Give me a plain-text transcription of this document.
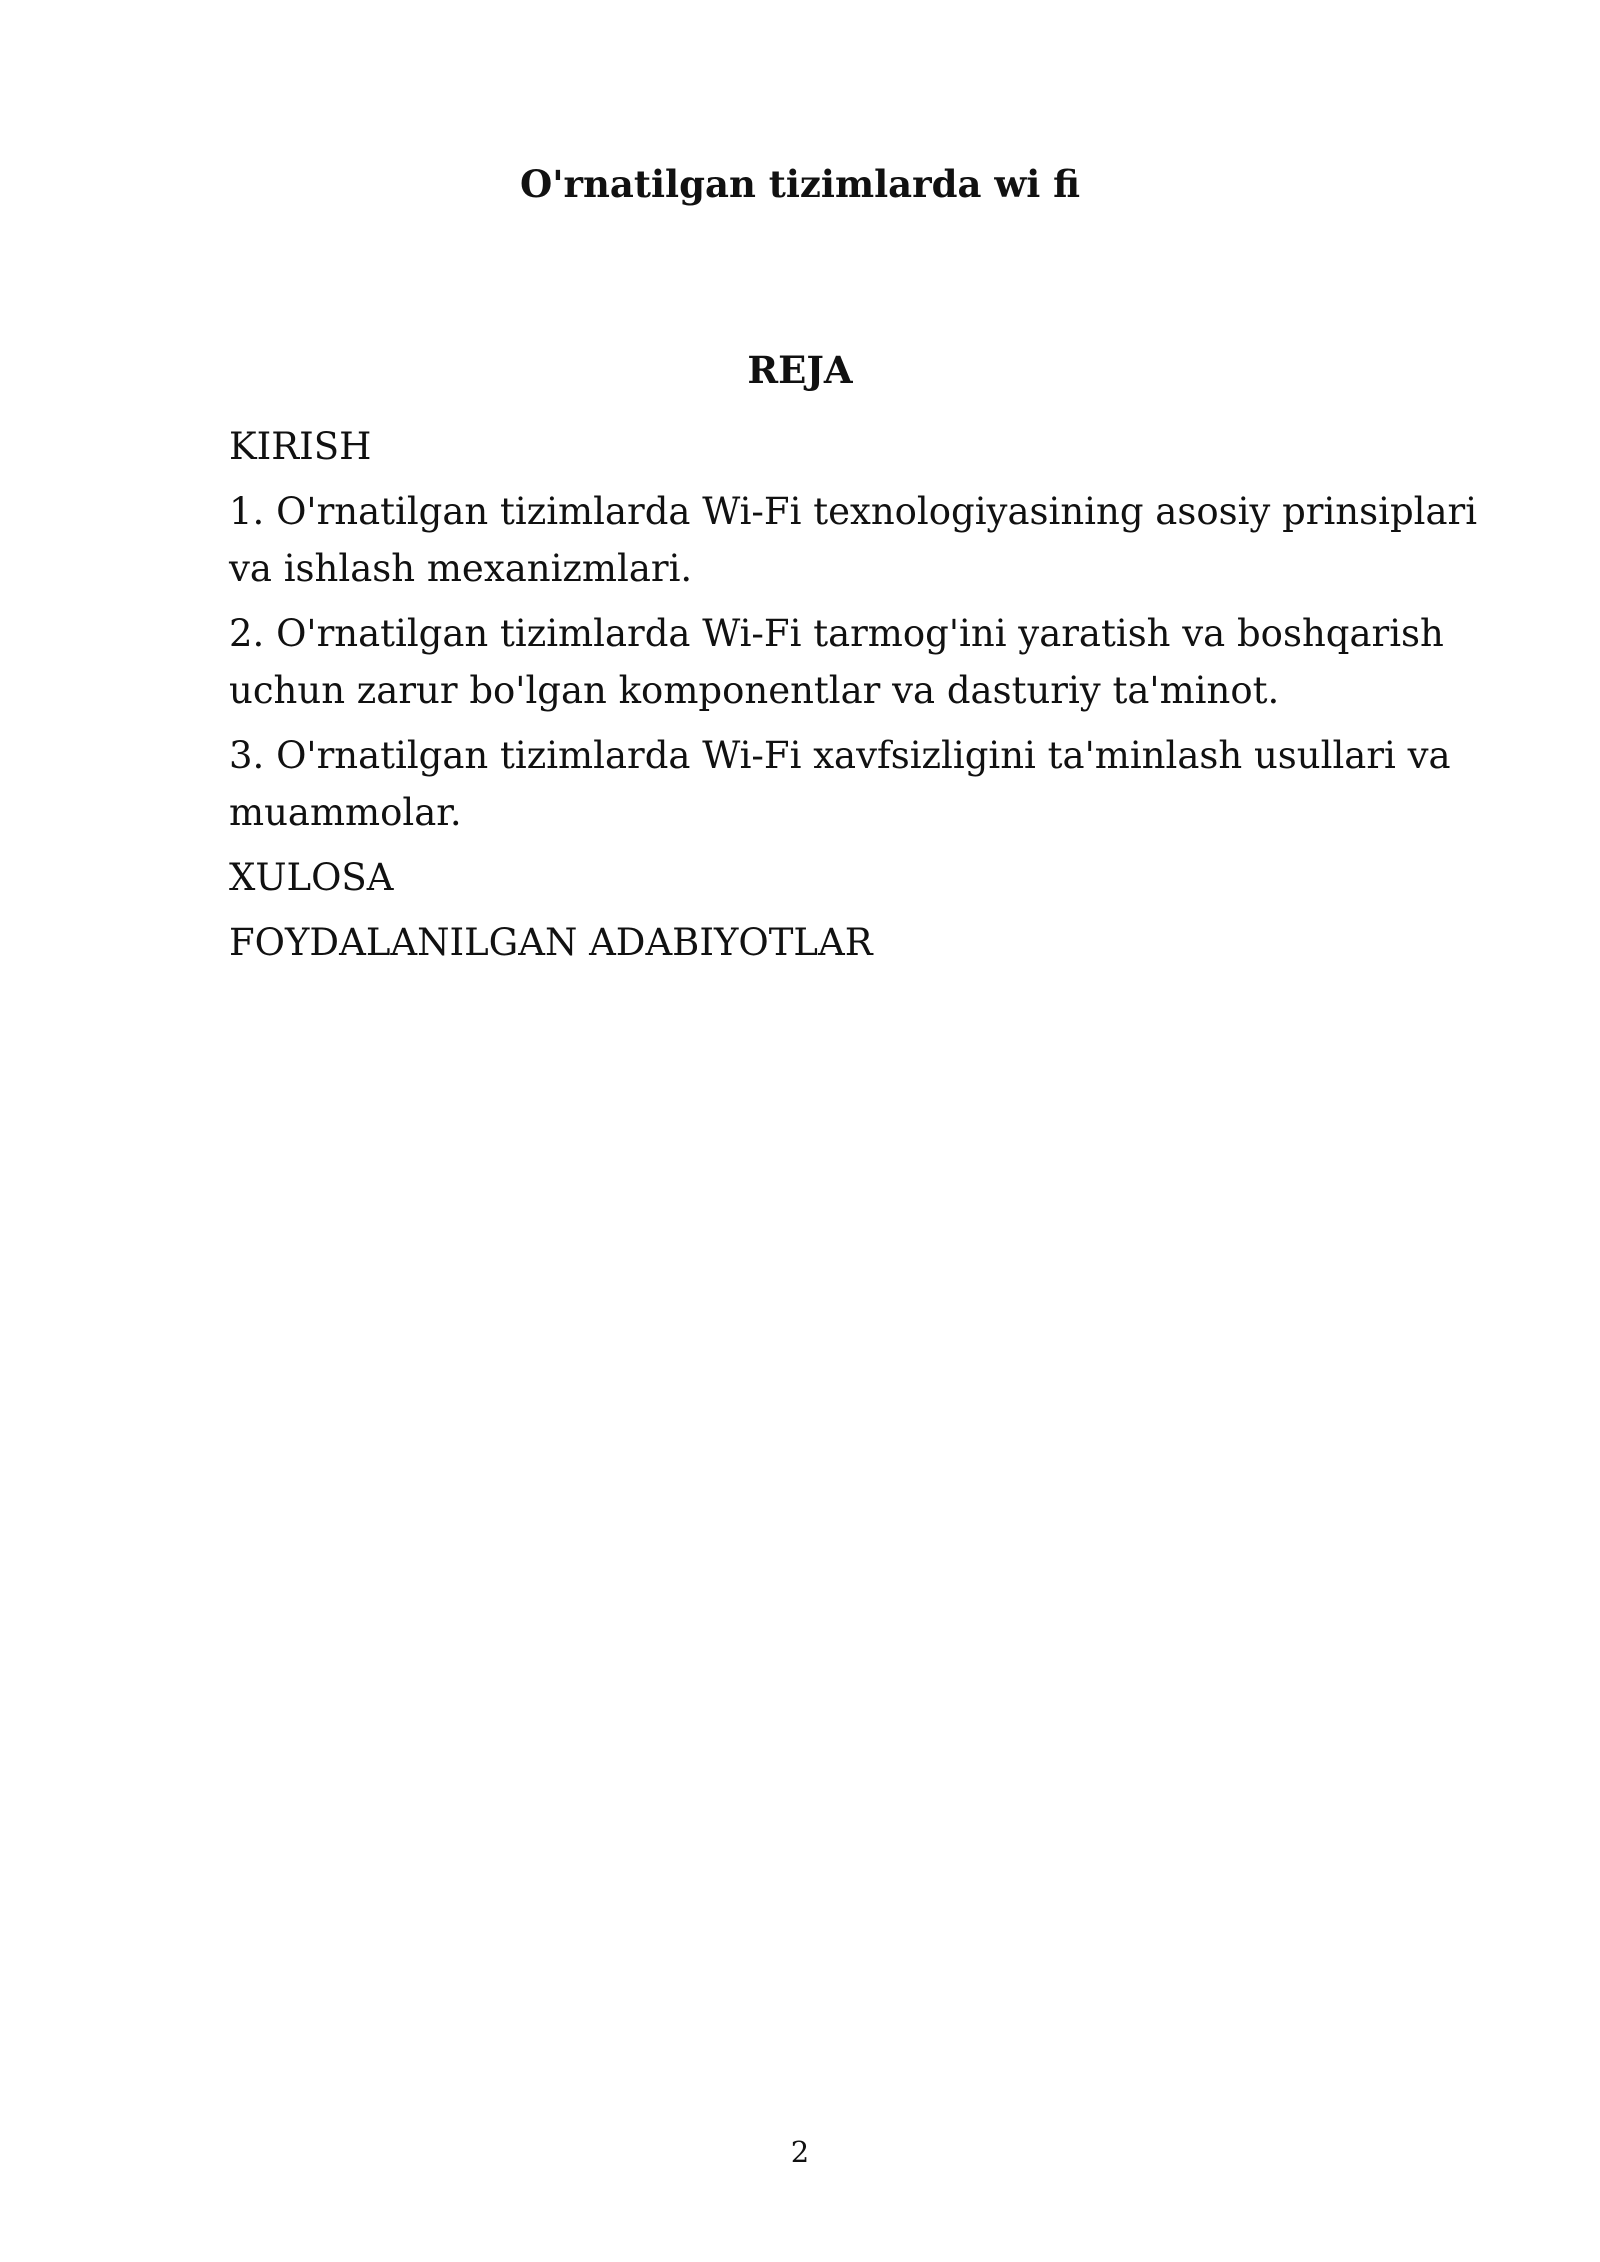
O'rnatilgan tizimlarda wi fi
REJA
KIRISH
1. O'rnatilgan tizimlarda Wi-Fi texnologiyasining asosiy prinsiplari va ishlash mexanizmlari.
2. O'rnatilgan tizimlarda Wi-Fi tarmog'ini yaratish va boshqarish uchun zarur bo'lgan komponentlar va dasturiy ta'minot.
3. O'rnatilgan tizimlarda Wi-Fi xavfsizligini ta'minlash usullari va muammolar.
XULOSA
FOYDALANILGAN ADABIYOTLAR
2
